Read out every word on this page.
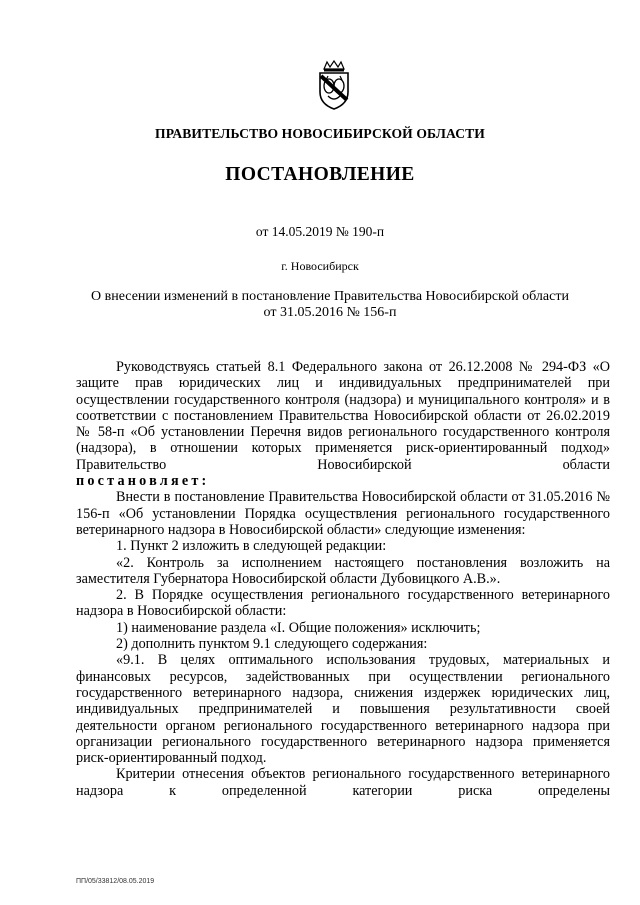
ПРАВИТЕЛЬСТВО НОВОСИБИРСКОЙ ОБЛАСТИ
ПОСТАНОВЛЕНИЕ
от 14.05.2019 № 190-п
г. Новосибирск
О внесении изменений в постановление Правительства Новосибирской области
от 31.05.2016 № 156-п

Руководствуясь статьей 8.1 Федерального закона от 26.12.2008 № 294-ФЗ «О защите прав юридических лиц и индивидуальных предпринимателей при осуществлении государственного контроля (надзора) и муниципального контроля» и в соответствии с постановлением Правительства Новосибирской области от 26.02.2019 № 58-п «Об установлении Перечня видов регионального государственного контроля (надзора), в отношении которых применяется риск-ориентированный подход» Правительство Новосибирской области

постановляет:

Внести в постановление Правительства Новосибирской области от 31.05.2016 № 156-п «Об установлении Порядка осуществления регионального государственного ветеринарного надзора в Новосибирской области» следующие изменения:

1. Пункт 2 изложить в следующей редакции:

«2. Контроль за исполнением настоящего постановления возложить на заместителя Губернатора Новосибирской области Дубовицкого А.В.».

2. В Порядке осуществления регионального государственного ветеринарного надзора в Новосибирской области:

1) наименование раздела «I. Общие положения» исключить;

2) дополнить пунктом 9.1 следующего содержания:

«9.1. В целях оптимального использования трудовых, материальных и финансовых ресурсов, задействованных при осуществлении регионального государственного ветеринарного надзора, снижения издержек юридических лиц, индивидуальных предпринимателей и повышения результативности своей деятельности органом регионального государственного ветеринарного надзора при организации регионального государственного ветеринарного надзора применяется риск-ориентированный подход.

Критерии отнесения объектов регионального государственного ветеринарного надзора к определенной категории риска определены

ПП/05/33812/08.05.2019
